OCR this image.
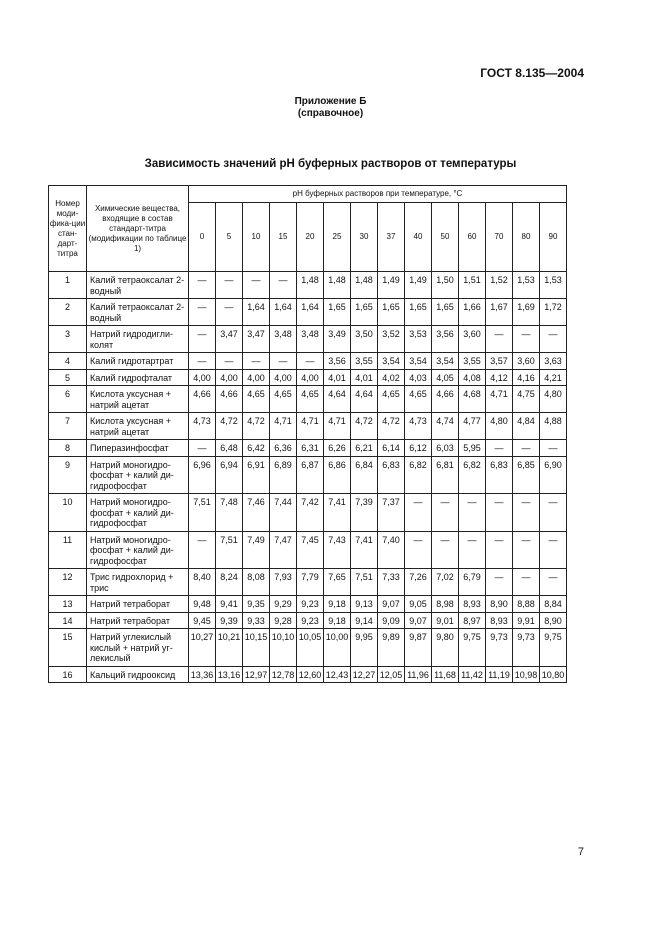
ГОСТ 8.135—2004
Приложение Б
(справочное)
Зависимость значений pH буферных растворов от температуры
Номер моди-фика-ции стан-дарт-титра	Химические вещества, входящие в состав стандарт-титра (модификации по таблице 1)	pH буферных растворов при температуре, °С													
		0	5	10	15	20	25	30	37	40	50	60	70	80	90
1	Калий тетраоксалат 2-водный	—	—	—	—	1,48	1,48	1,48	1,49	1,49	1,50	1,51	1,52	1,53	1,53
2	Калий тетраоксалат 2-водный	—	—	1,64	1,64	1,64	1,65	1,65	1,65	1,65	1,65	1,66	1,67	1,69	1,72
3	Натрий гидродигли-колят	—	3,47	3,47	3,48	3,48	3,49	3,50	3,52	3,53	3,56	3,60	—	—	—
4	Калий гидротартрат	—	—	—	—	—	3,56	3,55	3,54	3,54	3,54	3,55	3,57	3,60	3,63
5	Калий гидрофталат	4,00	4,00	4,00	4,00	4,00	4,01	4,01	4,02	4,03	4,05	4,08	4,12	4,16	4,21
6	Кислота уксусная + натрий ацетат	4,66	4,66	4,65	4,65	4,65	4,64	4,64	4,65	4,65	4,66	4,68	4,71	4,75	4,80
7	Кислота уксусная + натрий ацетат	4,73	4,72	4,72	4,71	4,71	4,71	4,72	4,72	4,73	4,74	4,77	4,80	4,84	4,88
8	Пиперазинфосфат	—	6,48	6,42	6,36	6,31	6,26	6,21	6,14	6,12	6,03	5,95	—	—	—
9	Натрий моногидро-фосфат + калий ди-гидрофосфат	6,96	6,94	6,91	6,89	6,87	6,86	6,84	6,83	6,82	6,81	6,82	6,83	6,85	6,90
10	Натрий моногидро-фосфат + калий ди-гидрофосфат	7,51	7,48	7,46	7,44	7,42	7,41	7,39	7,37	—	—	—	—	—	—
11	Натрий моногидро-фосфат + калий ди-гидрофосфат	—	7,51	7,49	7,47	7,45	7,43	7,41	7,40	—	—	—	—	—	—
12	Трис гидрохлорид + трис	8,40	8,24	8,08	7,93	7,79	7,65	7,51	7,33	7,26	7,02	6,79	—	—	—
13	Натрий тетраборат	9,48	9,41	9,35	9,29	9,23	9,18	9,13	9,07	9,05	8,98	8,93	8,90	8,88	8,84
14	Натрий тетраборат	9,45	9,39	9,33	9,28	9,23	9,18	9,14	9,09	9,07	9,01	8,97	8,93	9,91	8,90
15	Натрий углекислый кислый + натрий уг-лекислый	10,27	10,21	10,15	10,10	10,05	10,00	9,95	9,89	9,87	9,80	9,75	9,73	9,73	9,75
16	Кальций гидрооксид	13,36	13,16	12,97	12,78	12,60	12,43	12,27	12,05	11,96	11,68	11,42	11,19	10,98	10,80
7
